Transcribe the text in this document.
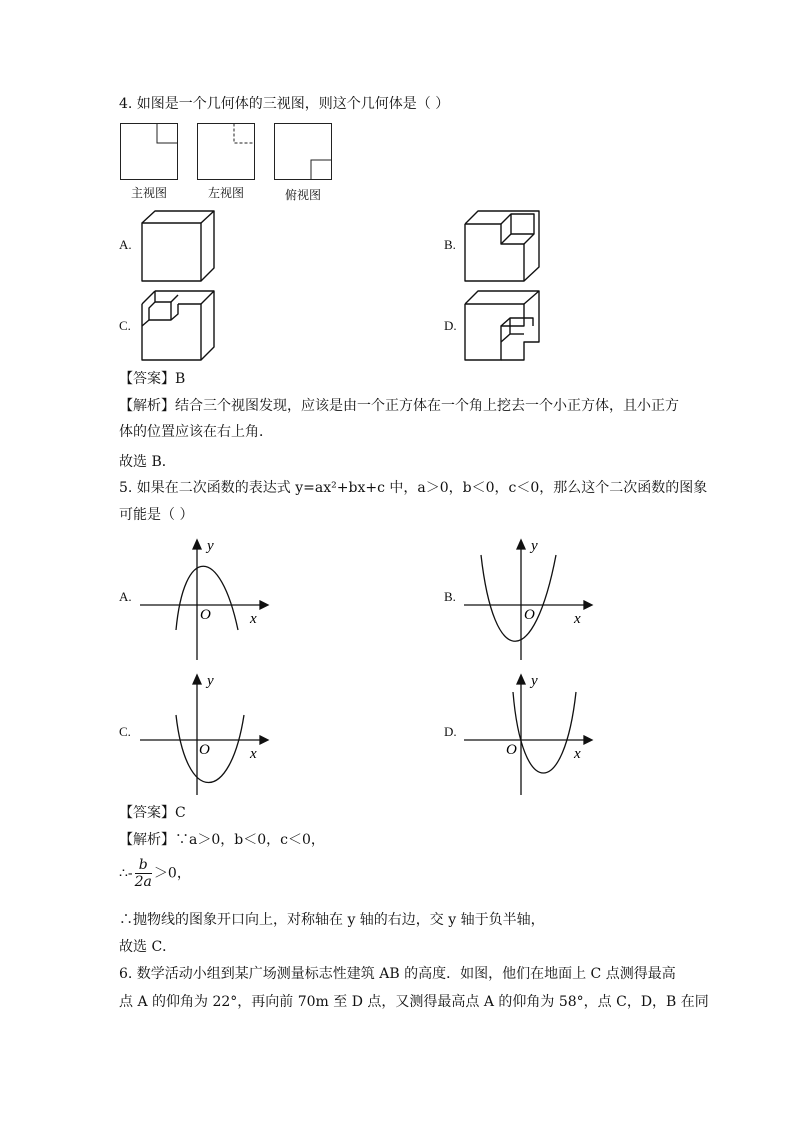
4. 如图是一个几何体的三视图，则这个几何体是（ ）
主视图	左视图	俯视图
A.	B.
C.	D.
【答案】B
【解析】结合三个视图发现，应该是由一个正方体在一个角上挖去一个小正方体，且小正方
体的位置应该在右上角．
故选 B．
5. 如果在二次函数的表达式 y=ax²+bx+c 中，a＞0，b＜0，c＜0，那么这个二次函数的图象
可能是（ ）
A.	B.
C.	D.
y
x
O
y
x
O
y
x
O
y
x
O
【答案】C
【解析】∵a＞0，b＜0，c＜0，
∴- $\frac{b}{2a} >0$，
∴抛物线的图象开口向上，对称轴在 y 轴的右边，交 y 轴于负半轴，
故选 C．
6. 数学活动小组到某广场测量标志性建筑 AB 的高度．如图，他们在地面上 C 点测得最高
点 A 的仰角为 22°，再向前 70m 至 D 点，又测得最高点 A 的仰角为 58°，点 C，D，B 在同
